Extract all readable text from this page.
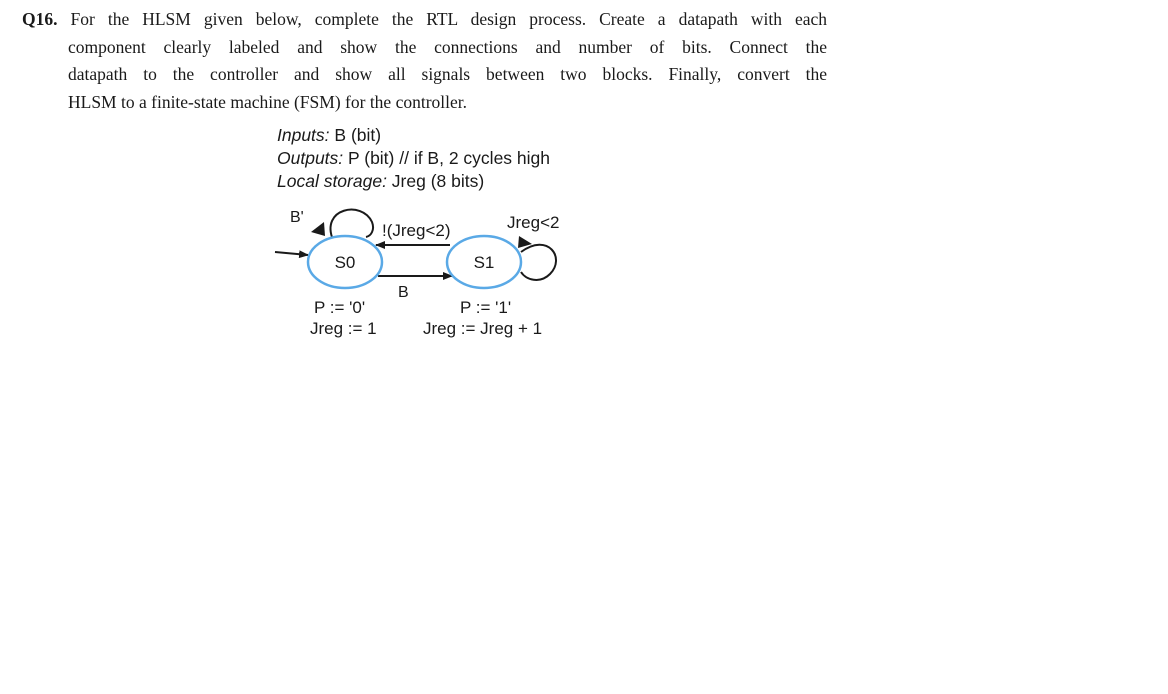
Q16. For the HLSM given below, complete the RTL design process. Create a datapath with each
component clearly labeled and show the connections and number of bits. Connect the
datapath to the controller and show all signals between two blocks. Finally, convert the
HLSM to a finite-state machine (FSM) for the controller.
Inputs: B (bit)
Outputs: P (bit) // if B, 2 cycles high
Local storage: Jreg (8 bits)
S0	S1
B'
!(Jreg<2)	Jreg<2
B
P := '0'
Jreg := 1
P := '1'
Jreg := Jreg + 1
